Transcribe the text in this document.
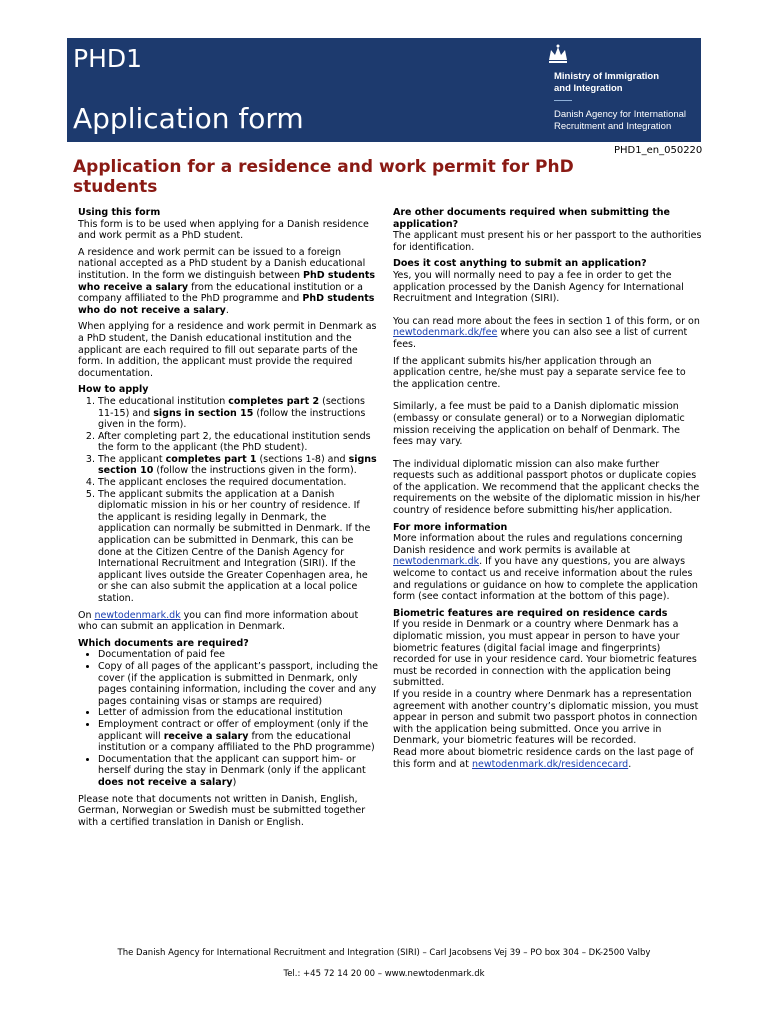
PHD1
Application form
Ministry of Immigration
and Integration
Danish Agency for International
Recruitment and Integration
PHD1_en_050220
Application for a residence and work permit for PhD students
Using this form

This form is to be used when applying for a Danish residence and work permit as a PhD student.

A residence and work permit can be issued to a foreign national accepted as a PhD student by a Danish educational institution. In the form we distinguish between PhD students who receive a salary from the educational institution or a company affiliated to the PhD programme and PhD students who do not receive a salary.

When applying for a residence and work permit in Denmark as a PhD student, the Danish educational institution and the applicant are each required to fill out separate parts of the form. In addition, the applicant must provide the required documentation.

How to apply
1. The educational institution completes part 2 (sections 11-15) and signs in section 15 (follow the instructions given in the form).
2. After completing part 2, the educational institution sends the form to the applicant (the PhD student).
3. The applicant completes part 1 (sections 1-8) and signs section 10 (follow the instructions given in the form).
4. The applicant encloses the required documentation.
5. The applicant submits the application at a Danish diplomatic mission in his or her country of residence. If the applicant is residing legally in Denmark, the application can normally be submitted in Denmark. If the application can be submitted in Denmark, this can be done at the Citizen Centre of the Danish Agency for International Recruitment and Integration (SIRI). If the applicant lives outside the Greater Copenhagen area, he or she can also submit the application at a local police station.

On newtodenmark.dk you can find more information about who can submit an application in Denmark.

Which documents are required?
• Documentation of paid fee
• Copy of all pages of the applicant’s passport, including the cover (if the application is submitted in Denmark, only pages containing information, including the cover and any pages containing visas or stamps are required)
• Letter of admission from the educational institution
• Employment contract or offer of employment (only if the applicant will receive a salary from the educational institution or a company affiliated to the PhD programme)
• Documentation that the applicant can support him- or herself during the stay in Denmark (only if the applicant does not receive a salary)

Please note that documents not written in Danish, English, German, Norwegian or Swedish must be submitted together with a certified translation in Danish or English.

Are other documents required when submitting the application?

The applicant must present his or her passport to the authorities for identification.

Does it cost anything to submit an application?

Yes, you will normally need to pay a fee in order to get the application processed by the Danish Agency for International Recruitment and Integration (SIRI).

You can read more about the fees in section 1 of this form, or on newtodenmark.dk/fee where you can also see a list of current fees.

If the applicant submits his/her application through an application centre, he/she must pay a separate service fee to the application centre.

Similarly, a fee must be paid to a Danish diplomatic mission (embassy or consulate general) or to a Norwegian diplomatic mission receiving the application on behalf of Denmark. The fees may vary.

The individual diplomatic mission can also make further requests such as additional passport photos or duplicate copies of the application. We recommend that the applicant checks the requirements on the website of the diplomatic mission in his/her country of residence before submitting his/her application.

For more information

More information about the rules and regulations concerning Danish residence and work permits is available at newtodenmark.dk. If you have any questions, you are always welcome to contact us and receive information about the rules and regulations or guidance on how to complete the application form (see contact information at the bottom of this page).

Biometric features are required on residence cards
If you reside in Denmark or a country where Denmark has a diplomatic mission, you must appear in person to have your biometric features (digital facial image and fingerprints) recorded for use in your residence card. Your biometric features must be recorded in connection with the application being submitted.
If you reside in a country where Denmark has a representation agreement with another country’s diplomatic mission, you must appear in person and submit two passport photos in connection with the application being submitted. Once you arrive in Denmark, your biometric features will be recorded.
Read more about biometric residence cards on the last page of this form and at newtodenmark.dk/residencecard.
The Danish Agency for International Recruitment and Integration (SIRI) – Carl Jacobsens Vej 39 – PO box 304 – DK-2500 Valby
Tel.: +45 72 14 20 00 – www.newtodenmark.dk
